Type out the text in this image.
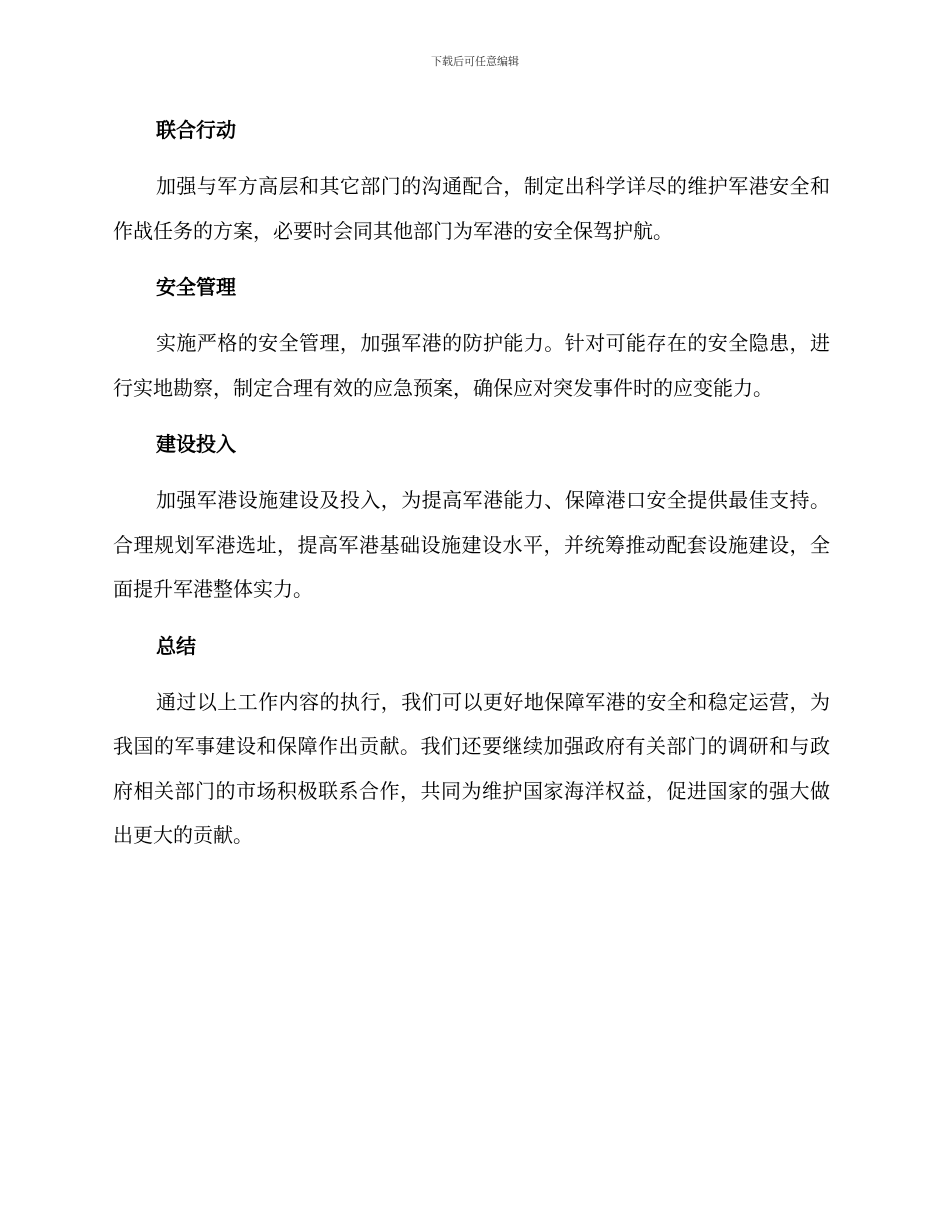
下载后可任意编辑
联合行动

加强与军方高层和其它部门的沟通配合，制定出科学详尽的维护军港安全和作战任务的方案，必要时会同其他部门为军港的安全保驾护航。

安全管理

实施严格的安全管理，加强军港的防护能力。针对可能存在的安全隐患，进行实地勘察，制定合理有效的应急预案，确保应对突发事件时的应变能力。

建设投入

加强军港设施建设及投入，为提高军港能力、保障港口安全提供最佳支持。合理规划军港选址，提高军港基础设施建设水平，并统筹推动配套设施建设，全面提升军港整体实力。

总结

通过以上工作内容的执行，我们可以更好地保障军港的安全和稳定运营，为我国的军事建设和保障作出贡献。我们还要继续加强政府有关部门的调研和与政府相关部门的市场积极联系合作，共同为维护国家海洋权益，促进国家的强大做出更大的贡献。
